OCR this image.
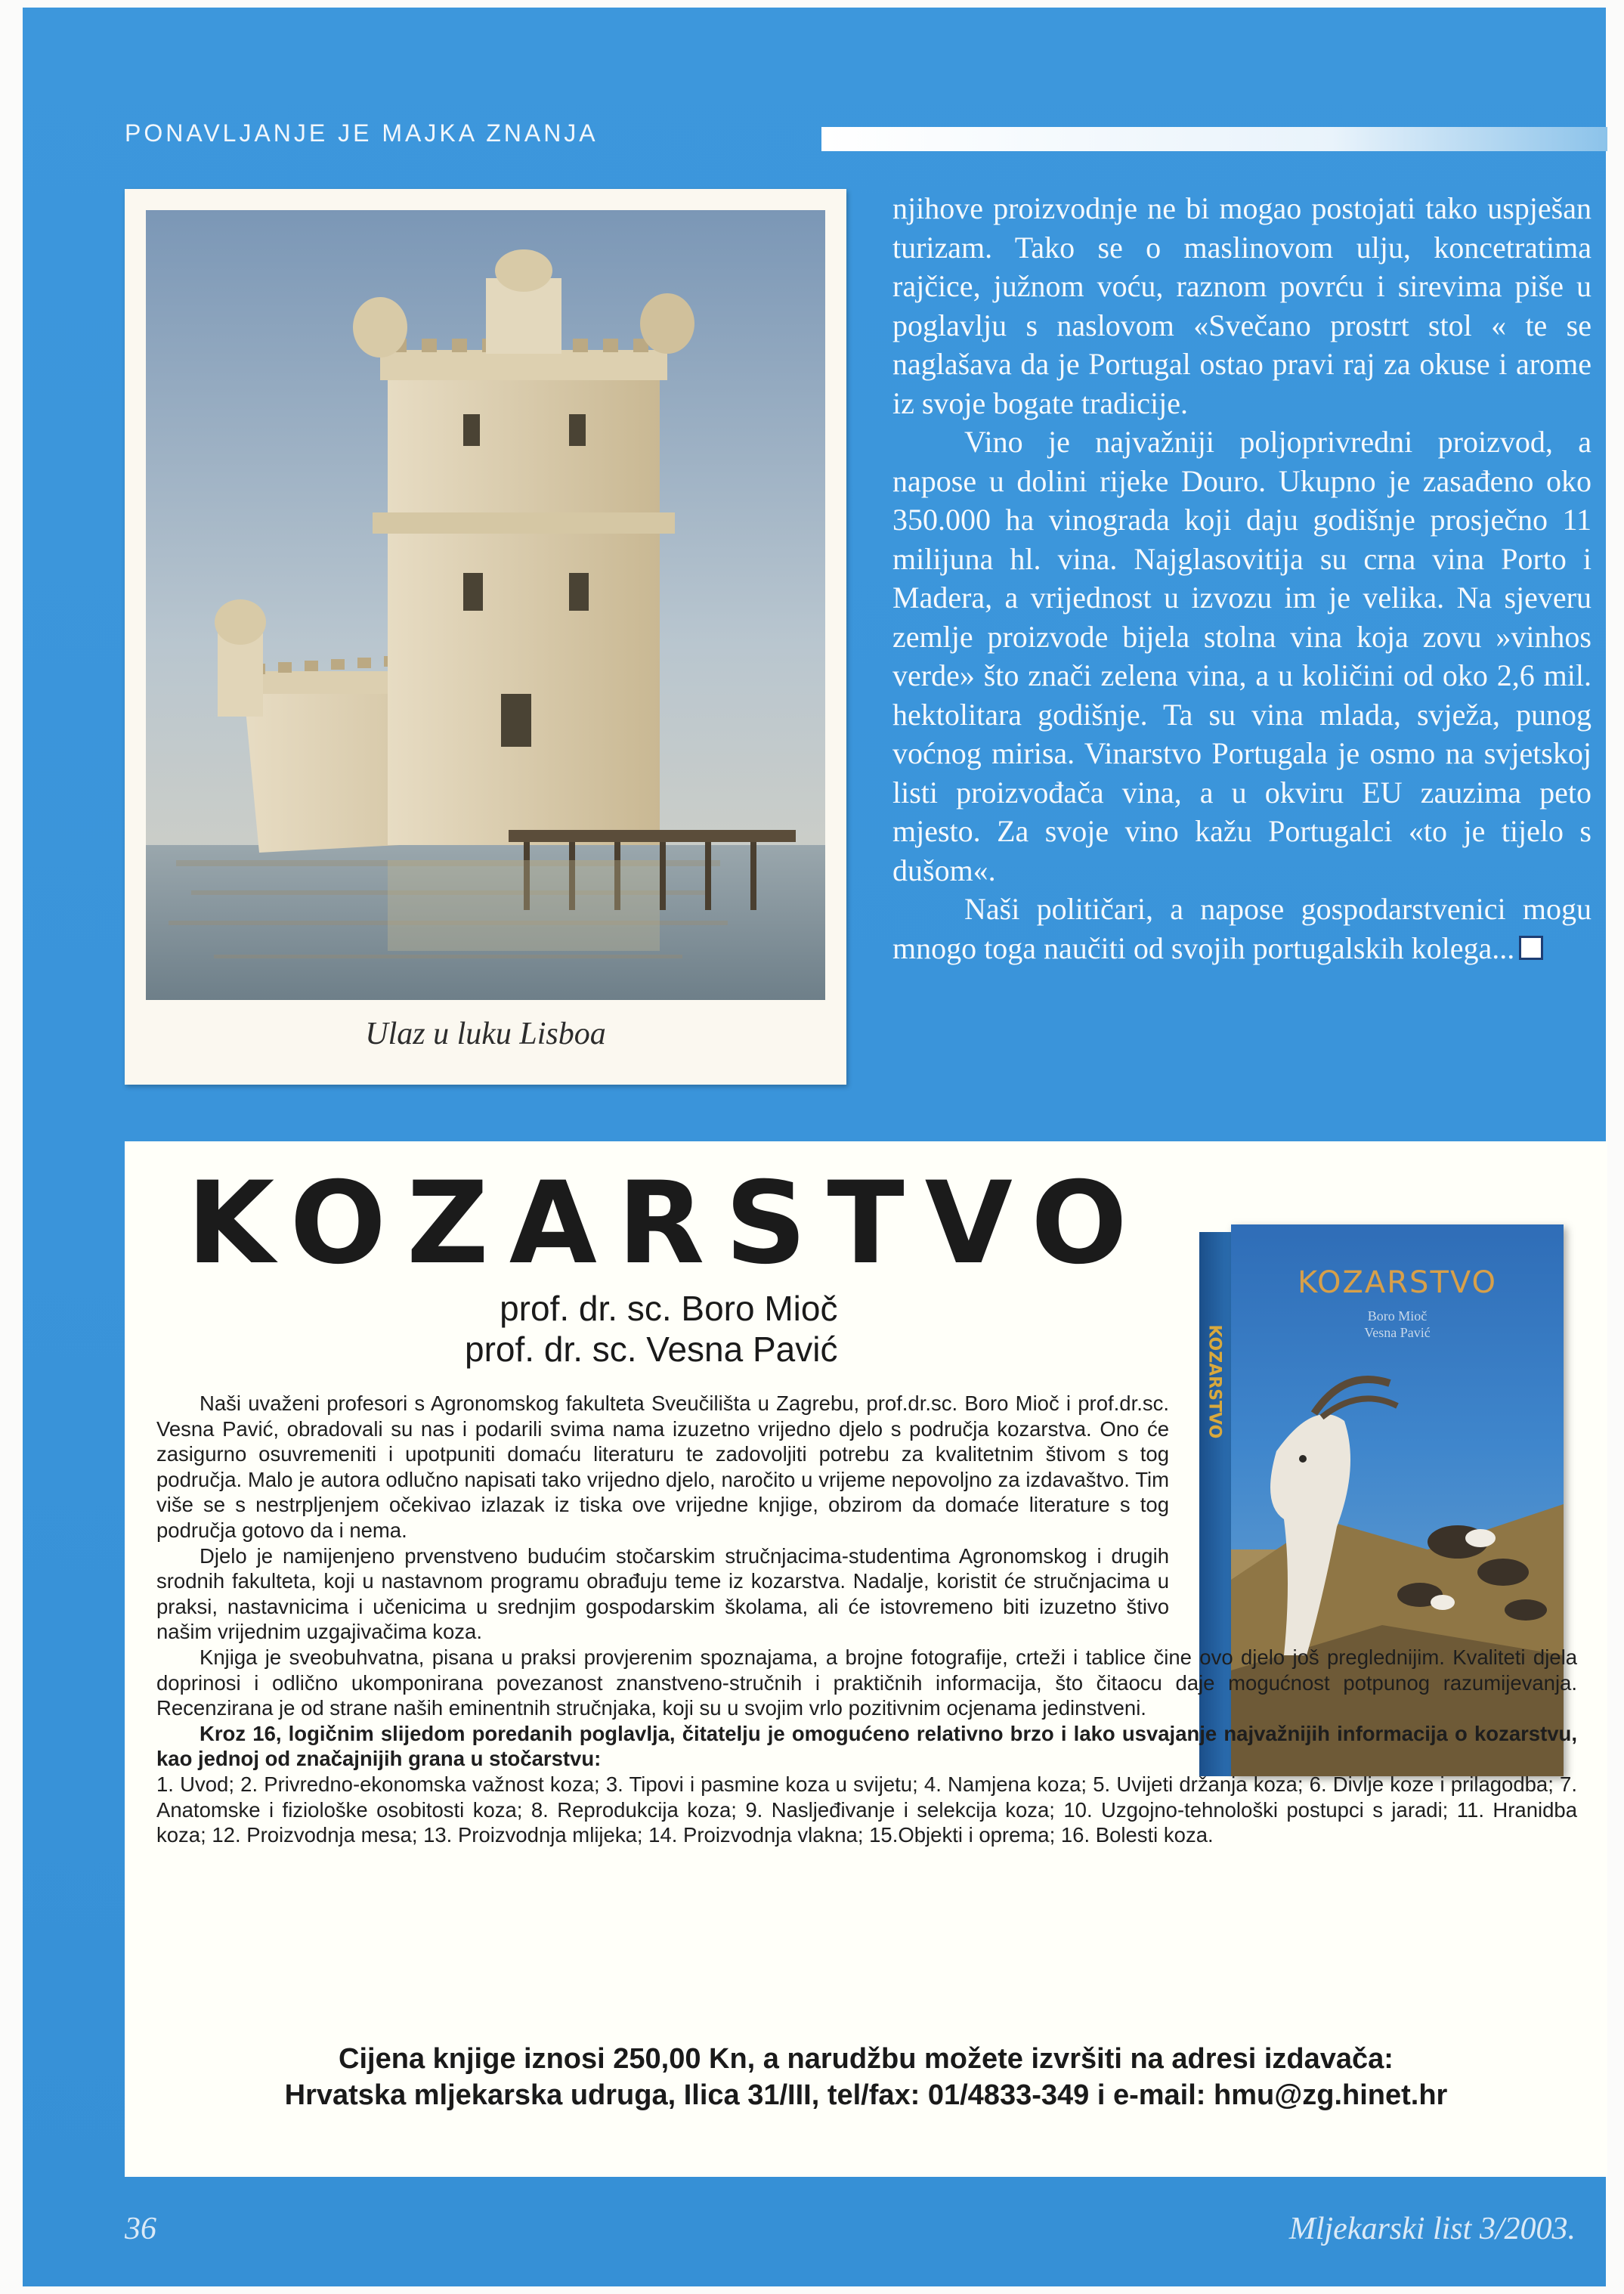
PONAVLJANJE JE MAJKA ZNANJA
Ulaz u luku Lisboa

njihove proizvodnje ne bi mogao postojati tako uspješan turizam. Tako se o maslinovom ulju, koncetratima rajčice, južnom voću, raznom povrću i sirevima piše u poglavlju s naslovom «Svečano prostrt stol « te se naglašava da je Portugal ostao pravi raj za okuse i arome iz svoje bogate tradicije.

Vino je najvažniji poljoprivredni proizvod, a napose u dolini rijeke Douro. Ukupno je zasađeno oko 350.000 ha vinograda koji daju godišnje prosječno 11 milijuna hl. vina. Najglasovitija su crna vina Porto i Madera, a vrijednost u izvozu im je velika. Na sjeveru zemlje proizvode bijela stolna vina koja zovu »vinhos verde» što znači zelena vina, a u količini od oko 2,6 mil. hektolitara godišnje. Ta su vina mlada, svježa, punog voćnog mirisa. Vinarstvo Portugala je osmo na svjetskoj listi proizvođača vina, a u okviru EU zauzima peto mjesto. Za svoje vino kažu Portugalci «to je tijelo s dušom«.

Naši političari, a napose gospodarstvenici mogu mnogo toga naučiti od svojih portugalskih kolega...

KOZARSTVO
prof. dr. sc. Boro Mioč
prof. dr. sc. Vesna Pavić	KOZARSTVO
KOZARSTVO
Boro Mioč
Vesna Pavić

Naši uvaženi profesori s Agronomskog fakulteta Sveučilišta u Zagrebu, prof.dr.sc. Boro Mioč i prof.dr.sc. Vesna Pavić, obradovali su nas i podarili svima nama izuzetno vrijedno djelo s područja kozarstva. Ono će zasigurno osuvremeniti i upotpuniti domaću literaturu te zadovoljiti potrebu za kvalitetnim štivom s tog područja. Malo je autora odlučno napisati tako vrijedno djelo, naročito u vrijeme nepovoljno za izdavaštvo. Tim više se s nestrpljenjem očekivao izlazak iz tiska ove vrijedne knjige, obzirom da domaće literature s tog područja gotovo da i nema.

Djelo je namijenjeno prvenstveno budućim stočarskim stručnjacima-studentima Agronomskog i drugih srodnih fakulteta, koji u nastavnom programu obrađuju teme iz kozarstva. Nadalje, koristit će stručnjacima u praksi, nastavnicima i učenicima u srednjim gospodarskim školama, ali će istovremeno biti izuzetno štivo našim vrijednim uzgajivačima koza.

Knjiga je sveobuhvatna, pisana u praksi provjerenim spoznajama, a brojne fotografije, crteži i tablice čine ovo djelo još preglednijim. Kvaliteti djela doprinosi i odlično ukomponirana povezanost znanstveno-stručnih i praktičnih informacija, što čitaocu daje mogućnost potpunog razumijevanja. Recenzirana je od strane naših eminentnih stručnjaka, koji su u svojim vrlo pozitivnim ocjenama jedinstveni.

Kroz 16, logičnim slijedom poredanih poglavlja, čitatelju je omogućeno relativno brzo i lako usvajanje najvažnijih informacija o kozarstvu, kao jednoj od značajnijih grana u stočarstvu:

1. Uvod; 2. Privredno-ekonomska važnost koza; 3. Tipovi i pasmine koza u svijetu; 4. Namjena koza; 5. Uvijeti držanja koza; 6. Divlje koze i prilagodba; 7. Anatomske i fiziološke osobitosti koza; 8. Reprodukcija koza; 9. Nasljeđivanje i selekcija koza; 10. Uzgojno-tehnološki postupci s jaradi; 11. Hranidba koza; 12. Proizvodnja mesa; 13. Proizvodnja mlijeka; 14. Proizvodnja vlakna; 15.Objekti i oprema; 16. Bolesti koza.

Cijena knjige iznosi 250,00 Kn, a narudžbu možete izvršiti na adresi izdavača:
Hrvatska mljekarska udruga, Ilica 31/III, tel/fax: 01/4833-349 i e-mail: hmu@zg.hinet.hr
36	Mljekarski list 3/2003.
